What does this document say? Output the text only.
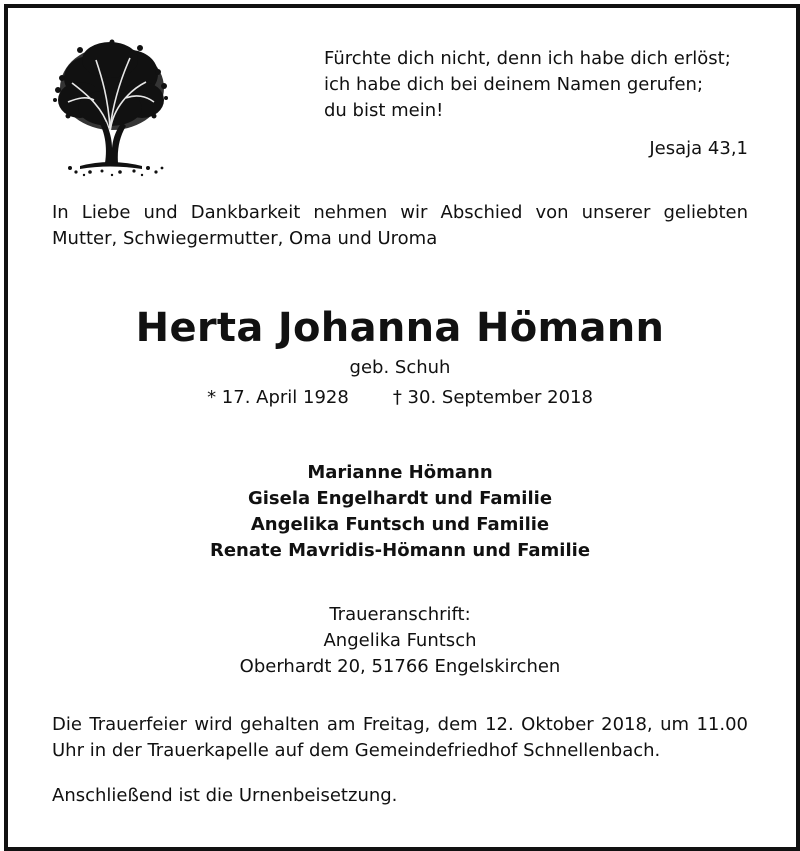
Fürchte dich nicht, denn ich habe dich erlöst;
ich habe dich bei deinem Namen gerufen;
du bist mein!
Jesaja 43,1
In Liebe und Dankbarkeit nehmen wir Abschied von unserer geliebten Mutter, Schwiegermutter, Oma und Uroma
Herta Johanna Hömann
geb. Schuh
* 17. April 1928 † 30. September 2018
Marianne Hömann
Gisela Engelhardt und Familie
Angelika Funtsch und Familie
Renate Mavridis-Hömann und Familie
Traueranschrift:
Angelika Funtsch
Oberhardt 20, 51766 Engelskirchen
Die Trauerfeier wird gehalten am Freitag, dem 12. Oktober 2018, um 11.00 Uhr in der Trauerkapelle auf dem Gemeindefriedhof Schnellenbach.
Anschließend ist die Urnenbeisetzung.
